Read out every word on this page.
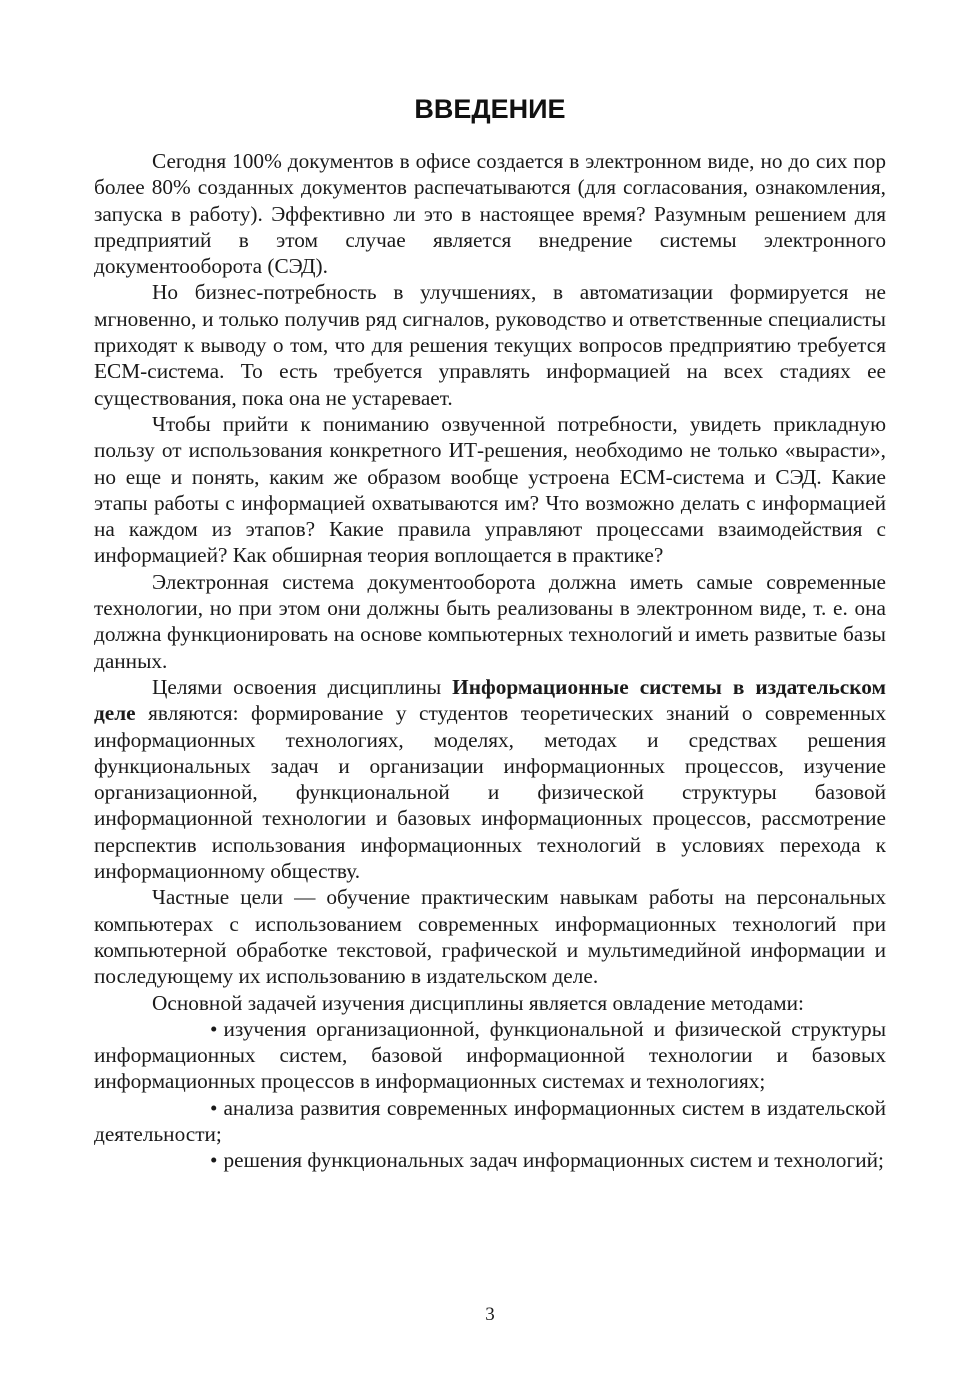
ВВЕДЕНИЕ

Сегодня 100% документов в офисе создается в электронном виде, но до сих пор более 80% созданных документов распечатываются (для согласования, ознакомления, запуска в работу). Эффективно ли это в настоящее время? Разумным решением для предприятий в этом случае является внедрение системы электронного документооборота (СЭД).

Но бизнес-потребность в улучшениях, в автоматизации формируется не мгновенно, и только получив ряд сигналов, руководство и ответственные специалисты приходят к выводу о том, что для решения текущих вопросов предприятию требуется ЕСМ-система. То есть требуется управлять информацией на всех стадиях ее существования, пока она не устаревает.

Чтобы прийти к пониманию озвученной потребности, увидеть прикладную пользу от использования конкретного ИТ-решения, необходимо не только «вырасти», но еще и понять, каким же образом вообще устроена ЕСМ-система и СЭД. Какие этапы работы с информацией охватываются им? Что возможно делать с информацией на каждом из этапов? Какие правила управляют процессами взаимодействия с информацией? Как обширная теория воплощается в практике?

Электронная система документооборота должна иметь самые современные технологии, но при этом они должны быть реализованы в электронном виде, т. е. она должна функционировать на основе компьютерных технологий и иметь развитые базы данных.

Целями освоения дисциплины Информационные системы в издательском деле являются: формирование у студентов теоретических знаний о современных информационных технологиях, моделях, методах и средствах решения функциональных задач и организации информационных процессов, изучение организационной, функциональной и физической структуры базовой информационной технологии и базовых информационных процессов, рассмотрение перспектив использования информационных технологий в условиях перехода к информационному обществу.

Частные цели — обучение практическим навыкам работы на персональных компьютерах с использованием современных информационных технологий при компьютерной обработке текстовой, графической и мультимедийной информации и последующему их использованию в издательском деле.

Основной задачей изучения дисциплины является овладение методами:

• изучения организационной, функциональной и физической структуры информационных систем, базовой информационной технологии и базовых информационных процессов в информационных системах и технологиях;

• анализа развития современных информационных систем в издательской деятельности;

• решения функциональных задач информационных систем и технологий;

3
